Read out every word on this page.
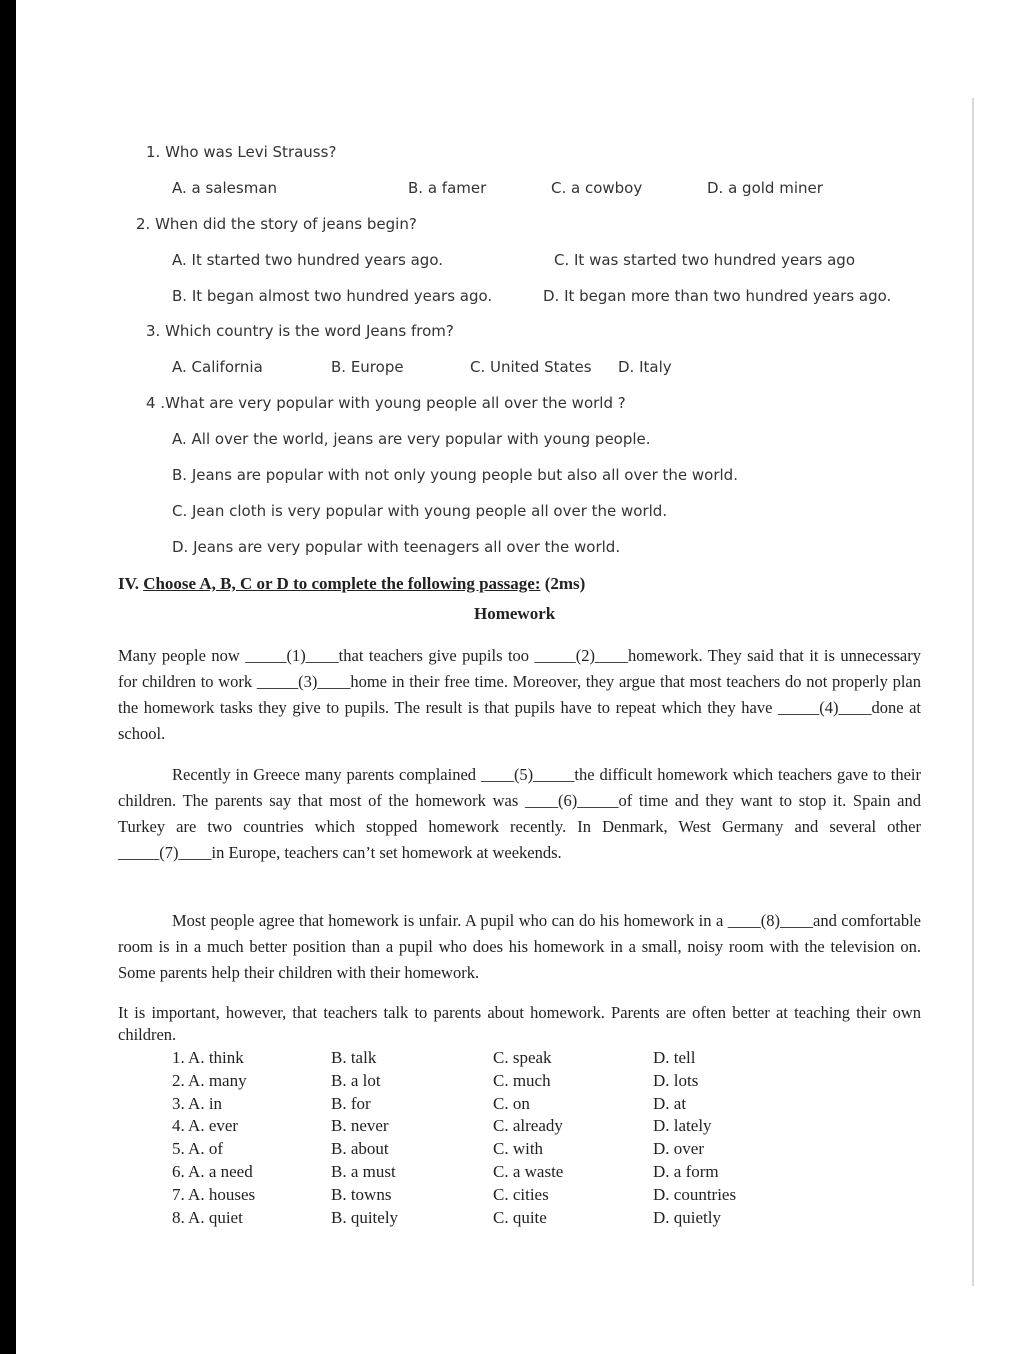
1. Who was Levi Strauss?
A. a salesman	B. a famer	C. a cowboy	D. a gold miner
2. When did the story of jeans begin?
A. It started two hundred years ago.	C. It was started two hundred years ago
B. It began almost two hundred years ago.	D. It began more than two hundred years ago.
3. Which country is the word Jeans from?
A. California	B. Europe	C. United States D. Italy
4 .What are very popular with young people all over the world ?
A. All over the world, jeans are very popular with young people.
B. Jeans are popular with not only young people but also all over the world.
C. Jean cloth is very popular with young people all over the world.
D. Jeans are very popular with teenagers all over the world.
IV. Choose A, B, C or D to complete the following passage: (2ms)
Homework
Many people now _____(1)____that teachers give pupils too _____(2)____homework. They said that it is unnecessary for children to work _____(3)____home in their free time. Moreover, they argue that most teachers do not properly plan the homework tasks they give to pupils. The result is that pupils have to repeat which they have _____(4)____done at school.
Recently in Greece many parents complained ____(5)_____the difficult homework which teachers gave to their children. The parents say that most of the homework was ____(6)_____of time and they want to stop it. Spain and Turkey are two countries which stopped homework recently. In Denmark, West Germany and several other _____(7)____in Europe, teachers can’t set homework at weekends.
Most people agree that homework is unfair. A pupil who can do his homework in a ____(8)____and comfortable room is in a much better position than a pupil who does his homework in a small, noisy room with the television on. Some parents help their children with their homework.
It is important, however, that teachers talk to parents about homework. Parents are often better at teaching their own children.
1. A. think	B. talk	C. speak	D. tell
2. A. many	B. a lot	C. much	D. lots
3. A. in	B. for	C. on	D. at
4. A. ever	B. never	C. already	D. lately
5. A. of	B. about	C. with	D. over
6. A. a need	B. a must	C. a waste	D. a form
7. A. houses	B. towns	C. cities	D. countries
8. A. quiet	B. quitely	C. quite	D. quietly
